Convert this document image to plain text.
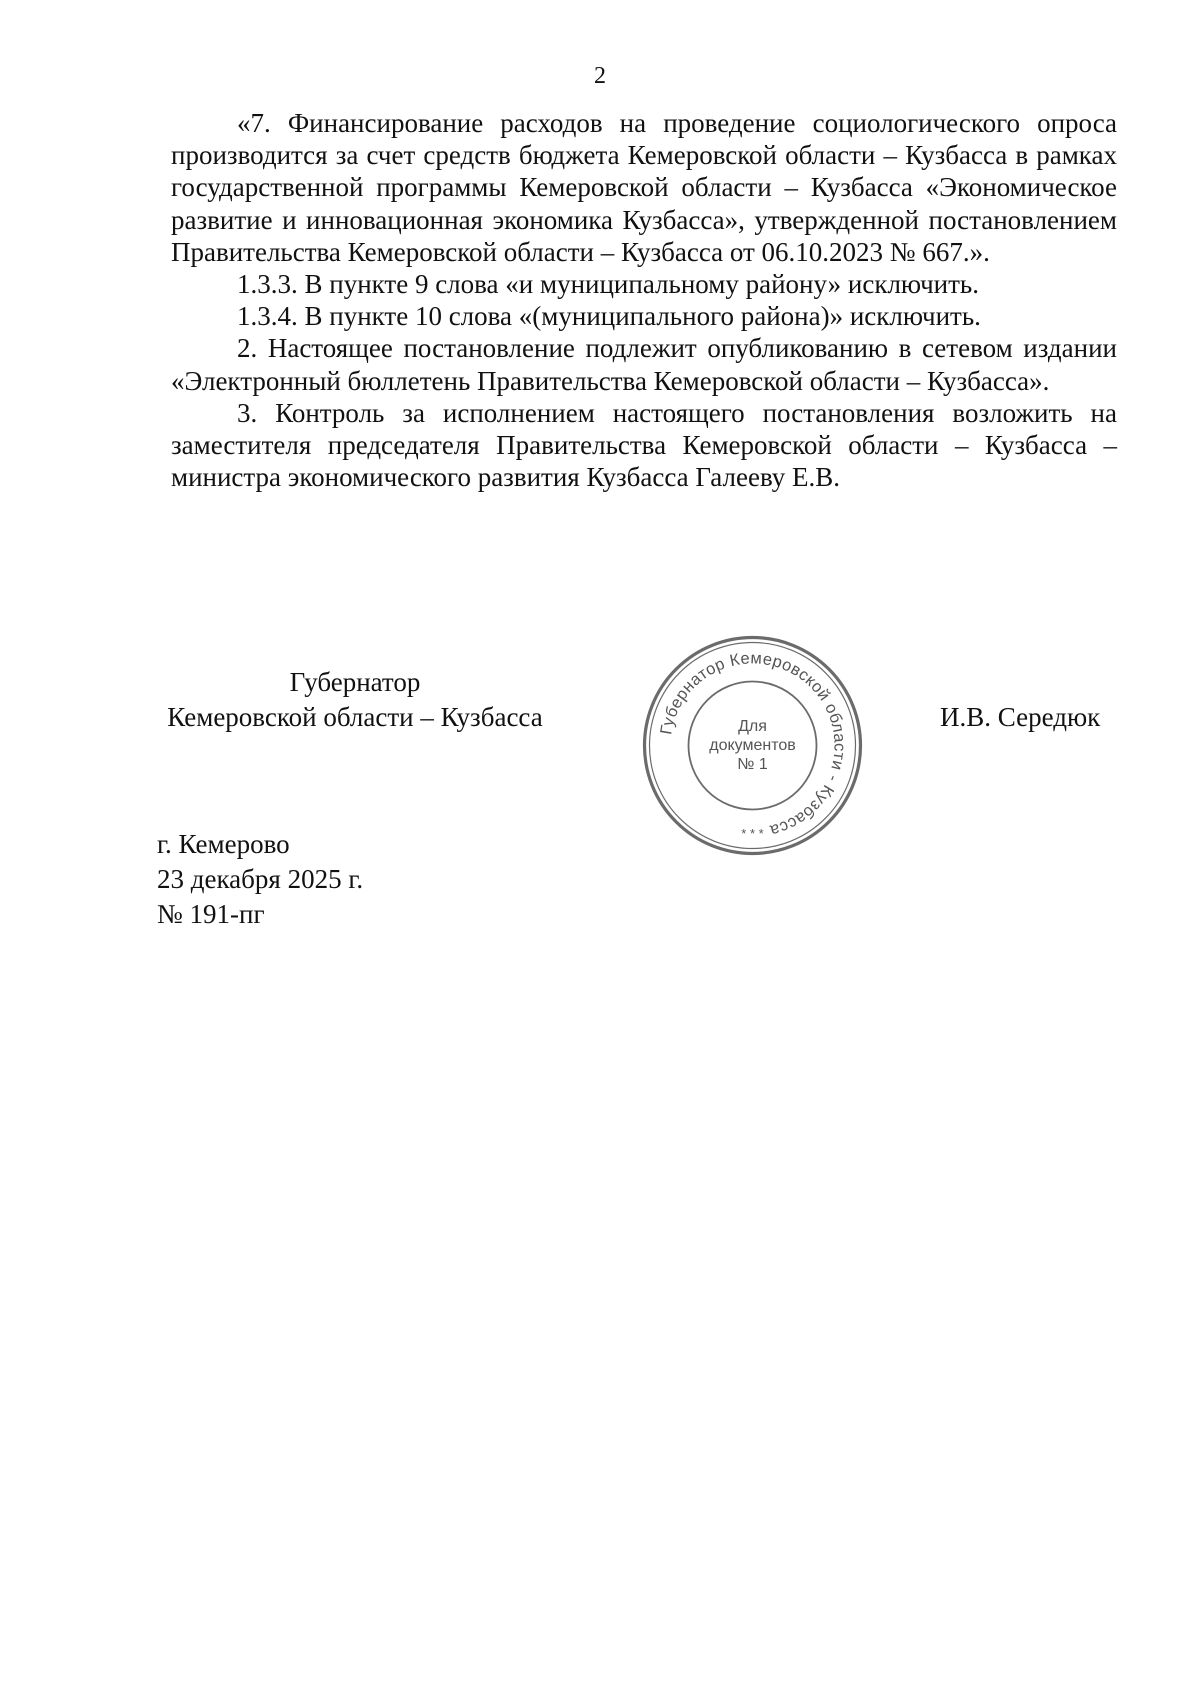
2

«7. Финансирование расходов на проведение социологического опроса производится за счет средств бюджета Кемеровской области – Кузбасса в рамках государственной программы Кемеровской области – Кузбасса «Экономическое развитие и инновационная экономика Кузбасса», утвержденной постановлением Правительства Кемеровской области – Кузбасса от 06.10.2023 № 667.».

1.3.3. В пункте 9 слова «и муниципальному району» исключить.

1.3.4. В пункте 10 слова «(муниципального района)» исключить.

2. Настоящее постановление подлежит опубликованию в сетевом издании «Электронный бюллетень Правительства Кемеровской области – Кузбасса».

3. Контроль за исполнением настоящего постановления возложить на заместителя председателя Правительства Кемеровской области – Кузбасса – министра экономического развития Кузбасса Галееву Е.В.

Губернатор
Кемеровской области – Кузбасса	Губернатор Кемеровской области - Кузбасса
Для
документов
№ 1
* * *
И.В. Середюк
г. Кемерово
23 декабря 2025 г.
№ 191-пг
